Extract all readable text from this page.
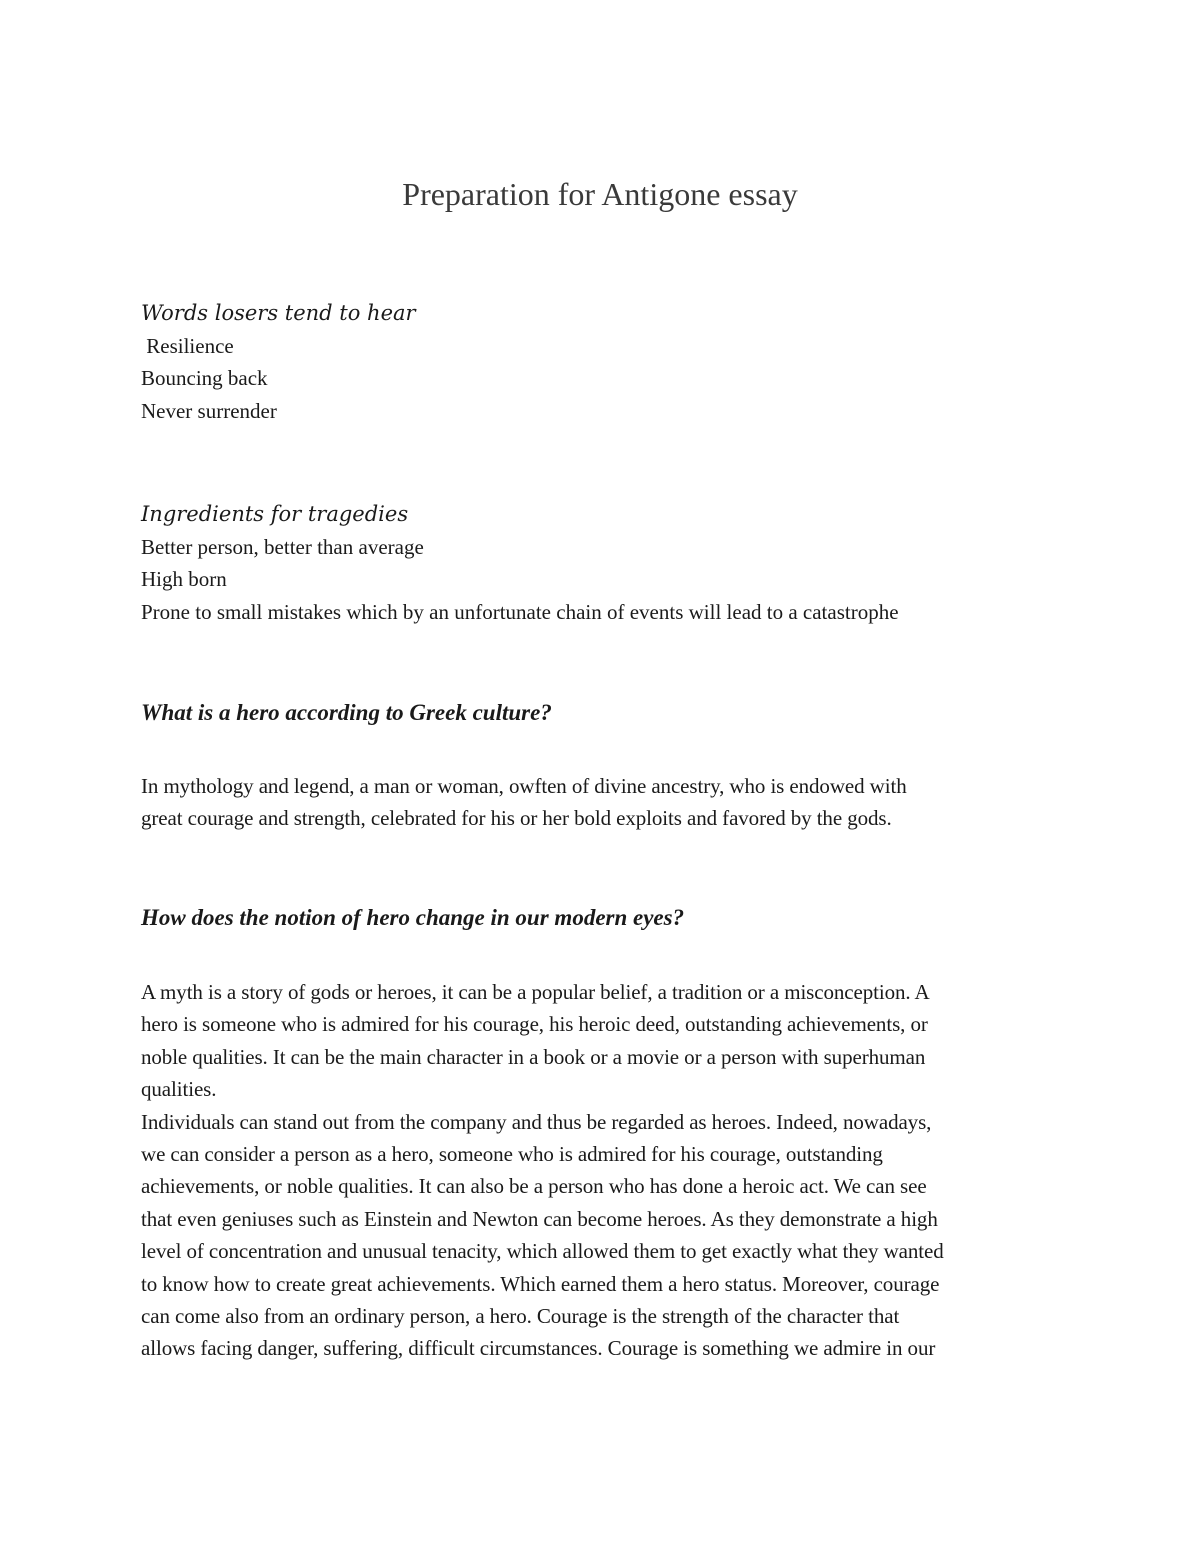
Preparation for Antigone essay
Words losers tend to hear
Resilience
Bouncing back
Never surrender
Ingredients for tragedies
Better person, better than average
High born
Prone to small mistakes which by an unfortunate chain of events will lead to a catastrophe
What is a hero according to Greek culture?
In mythology and legend, a man or woman, owften of divine ancestry, who is endowed with
great courage and strength, celebrated for his or her bold exploits and favored by the gods.
How does the notion of hero change in our modern eyes?
A myth is a story of gods or heroes, it can be a popular belief, a tradition or a misconception. A
hero is someone who is admired for his courage, his heroic deed, outstanding achievements, or
noble qualities. It can be the main character in a book or a movie or a person with superhuman
qualities.
Individuals can stand out from the company and thus be regarded as heroes. Indeed, nowadays,
we can consider a person as a hero, someone who is admired for his courage, outstanding
achievements, or noble qualities. It can also be a person who has done a heroic act. We can see
that even geniuses such as Einstein and Newton can become heroes. As they demonstrate a high
level of concentration and unusual tenacity, which allowed them to get exactly what they wanted
to know how to create great achievements. Which earned them a hero status. Moreover, courage
can come also from an ordinary person, a hero. Courage is the strength of the character that
allows facing danger, suffering, difficult circumstances. Courage is something we admire in our
